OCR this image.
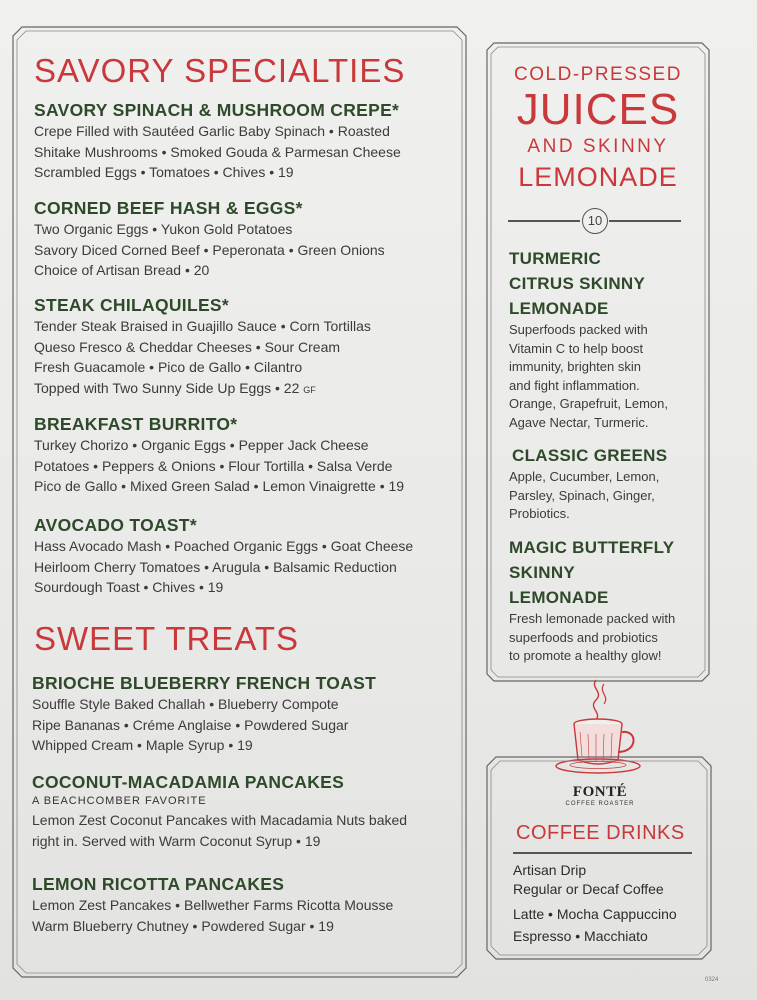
SAVORY SPECIALTIES
SAVORY SPINACH & MUSHROOM CREPE*
Crepe Filled with Sautéed Garlic Baby Spinach • Roasted
Shitake Mushrooms • Smoked Gouda & Parmesan Cheese
Scrambled Eggs • Tomatoes • Chives • 19
CORNED BEEF HASH & EGGS*
Two Organic Eggs • Yukon Gold Potatoes
Savory Diced Corned Beef • Peperonata • Green Onions
Choice of Artisan Bread • 20
STEAK CHILAQUILES*
Tender Steak Braised in Guajillo Sauce • Corn Tortillas
Queso Fresco & Cheddar Cheeses • Sour Cream
Fresh Guacamole • Pico de Gallo • Cilantro
Topped with Two Sunny Side Up Eggs • 22 GF
BREAKFAST BURRITO*
Turkey Chorizo • Organic Eggs • Pepper Jack Cheese
Potatoes • Peppers & Onions • Flour Tortilla • Salsa Verde
Pico de Gallo • Mixed Green Salad • Lemon Vinaigrette • 19
AVOCADO TOAST*
Hass Avocado Mash • Poached Organic Eggs • Goat Cheese
Heirloom Cherry Tomatoes • Arugula • Balsamic Reduction
Sourdough Toast • Chives • 19
SWEET TREATS
BRIOCHE BLUEBERRY FRENCH TOAST
Souffle Style Baked Challah • Blueberry Compote
Ripe Bananas • Créme Anglaise • Powdered Sugar
Whipped Cream • Maple Syrup • 19
COCONUT-MACADAMIA PANCAKES
A BEACHCOMBER FAVORITE
Lemon Zest Coconut Pancakes with Macadamia Nuts baked
right in. Served with Warm Coconut Syrup • 19
LEMON RICOTTA PANCAKES
Lemon Zest Pancakes • Bellwether Farms Ricotta Mousse
Warm Blueberry Chutney • Powdered Sugar • 19
COLD-PRESSED
JUICES
AND SKINNY
LEMONADE
10
TURMERIC
CITRUS SKINNY
LEMONADE
Superfoods packed with
Vitamin C to help boost
immunity, brighten skin
and fight inflammation.
Orange, Grapefruit, Lemon,
Agave Nectar, Turmeric.
CLASSIC GREENS
Apple, Cucumber, Lemon,
Parsley, Spinach, Ginger,
Probiotics.
MAGIC BUTTERFLY
SKINNY
LEMONADE
Fresh lemonade packed with
superfoods and probiotics
to promote a healthy glow!
FONTÉ
COFFEE ROASTER
COFFEE DRINKS
Artisan Drip
Regular or Decaf Coffee
Latte • Mocha Cappuccino
Espresso • Macchiato
0324
